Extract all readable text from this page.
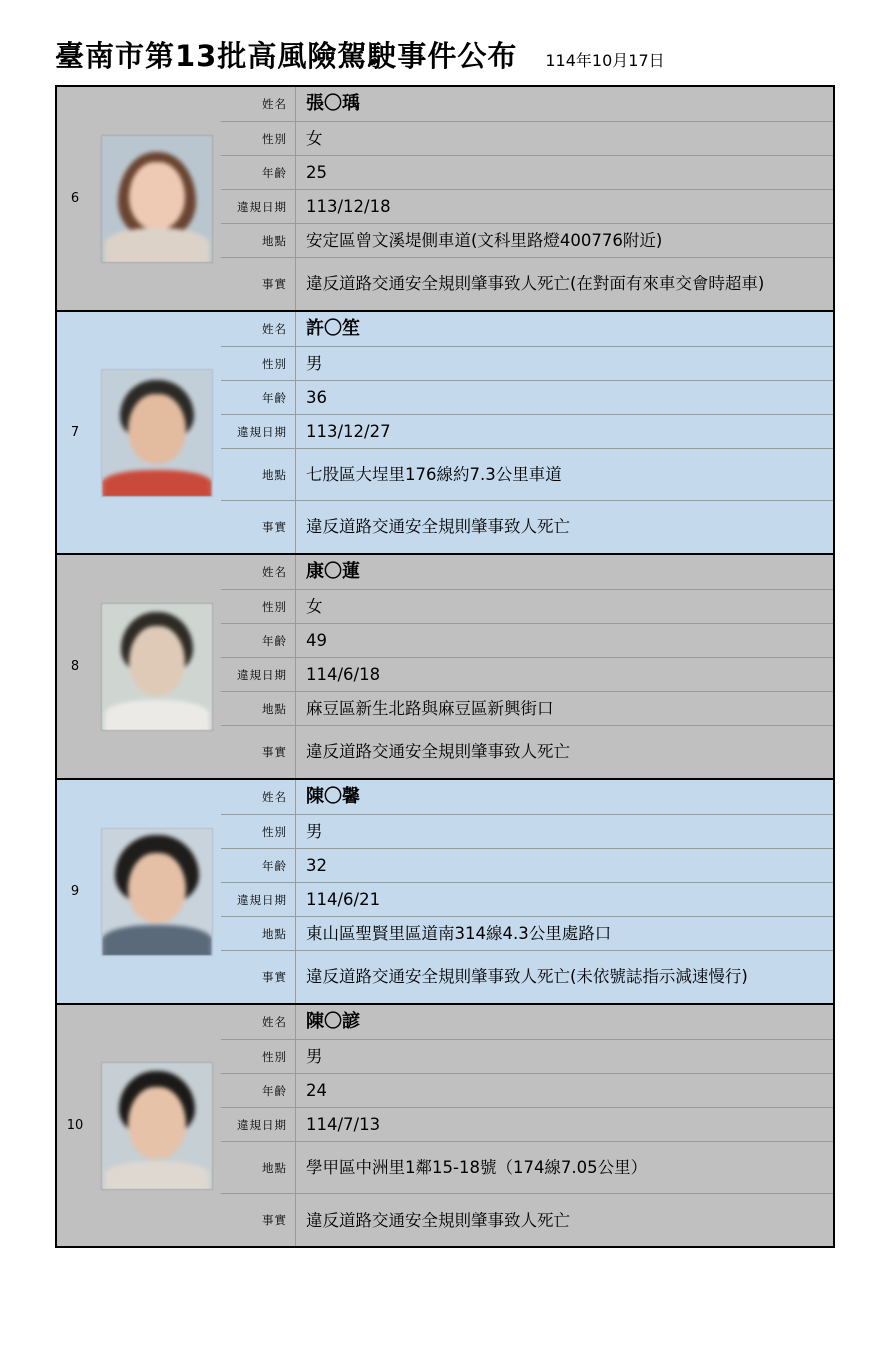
臺南市第13批高風險駕駛事件公布 114年10月17日
6
姓名	張〇瑀
性別	女
年齡	25
違規日期	113/12/18
地點	安定區曾文溪堤側車道(文科里路燈400776附近)
事實	違反道路交通安全規則肇事致人死亡(在對面有來車交會時超車)
7
姓名	許〇笙
性別	男
年齡	36
違規日期	113/12/27
地點	七股區大埕里176線約7.3公里車道
事實	違反道路交通安全規則肇事致人死亡
8
姓名	康〇蓮
性別	女
年齡	49
違規日期	114/6/18
地點	麻豆區新生北路與麻豆區新興街口
事實	違反道路交通安全規則肇事致人死亡
9
姓名	陳〇馨
性別	男
年齡	32
違規日期	114/6/21
地點	東山區聖賢里區道南314線4.3公里處路口
事實	違反道路交通安全規則肇事致人死亡(未依號誌指示減速慢行)
10
姓名	陳〇諺
性別	男
年齡	24
違規日期	114/7/13
地點	學甲區中洲里1鄰15-18號（174線7.05公里）
事實	違反道路交通安全規則肇事致人死亡
